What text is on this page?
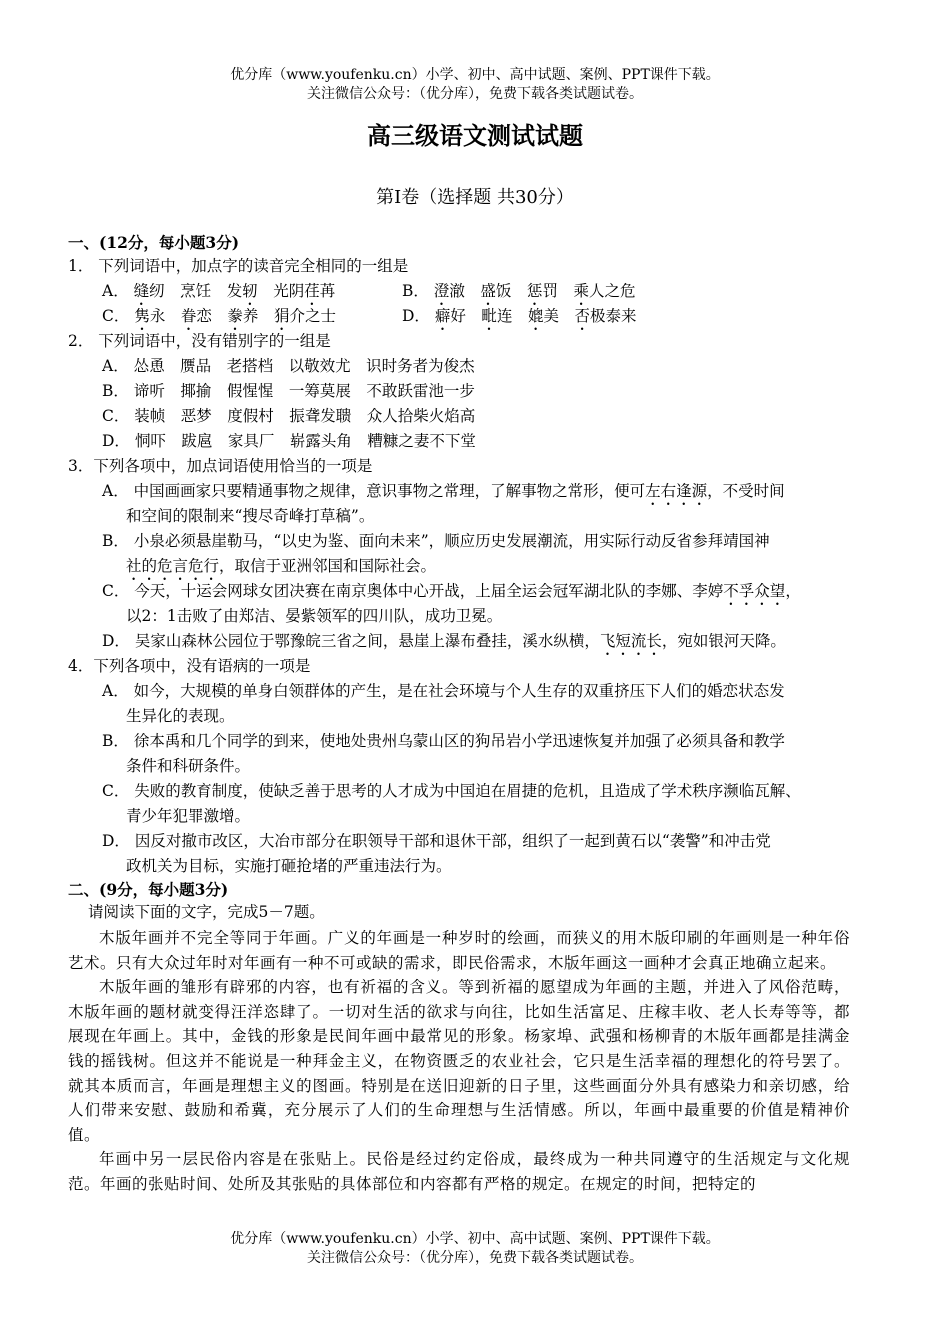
优分库（www.youfenku.cn）小学、初中、高中试题、案例、PPT课件下载。
关注微信公众号：（优分库），免费下载各类试题试卷。
高三级语文测试试题
第Ⅰ卷（选择题 共30分）
一、(12分，每小题3分)
1． 下列词语中，加点字的读音完全相同的一组是
A． 缝纫　 烹饪　 发轫　 光阴荏苒	B． 澄澈　 盛饭　 惩罚　 乘人之危
C． 隽永　 眷恋　 豢养　 狷介之士	D． 癖好　 毗连　 媲美　 否极泰来
2． 下列词语中，没有错别字的一组是
A． 怂恿　赝品　老搭档　以敬效尤　识时务者为俊杰
B． 谛听　揶揄　假惺惺　一筹莫展　不敢跃雷池一步
C． 装帧　恶梦　度假村　振聋发聩　众人拾柴火焰高
D． 恫吓　跋扈　家具厂　崭露头角　糟糠之妻不下堂
3．下列各项中，加点词语使用恰当的一项是
A． 中国画画家只要精通事物之规律，意识事物之常理，了解事物之常形，便可左右逢源，不受时间
和空间的限制来“搜尽奇峰打草稿”。
B． 小泉必须悬崖勒马，“以史为鉴、面向未来”，顺应历史发展潮流，用实际行动反省参拜靖国神
社的危言危行，取信于亚洲邻国和国际社会。
C． 今天，十运会网球女团决赛在南京奥体中心开战，上届全运会冠军湖北队的李娜、李婷不孚众望，
以2：1击败了由郑洁、晏紫领军的四川队，成功卫冕。
D． 吴家山森林公园位于鄂豫皖三省之间，悬崖上瀑布叠挂，溪水纵横，飞短流长，宛如银河天降。
4．下列各项中，没有语病的一项是
A． 如今，大规模的单身白领群体的产生，是在社会环境与个人生存的双重挤压下人们的婚恋状态发
生异化的表现。
B． 徐本禹和几个同学的到来，使地处贵州乌蒙山区的狗吊岩小学迅速恢复并加强了必须具备和教学
条件和科研条件。
C． 失败的教育制度，使缺乏善于思考的人才成为中国迫在眉捷的危机，且造成了学术秩序濒临瓦解、
青少年犯罪激增。
D． 因反对撤市改区，大冶市部分在职领导干部和退休干部，组织了一起到黄石以“袭警”和冲击党
政机关为目标，实施打砸抢堵的严重违法行为。
二、(9分，每小题3分)
请阅读下面的文字，完成5－7题。
木版年画并不完全等同于年画。广义的年画是一种岁时的绘画，而狭义的用木版印刷的年画则是一种年俗艺术。只有大众过年时对年画有一种不可或缺的需求，即民俗需求，木版年画这一画种才会真正地确立起来。
木版年画的雏形有辟邪的内容，也有祈福的含义。等到祈福的愿望成为年画的主题，并进入了风俗范畴，木版年画的题材就变得汪洋恣肆了。一切对生活的欲求与向往，比如生活富足、庄稼丰收、老人长寿等等，都展现在年画上。其中，金钱的形象是民间年画中最常见的形象。杨家埠、武强和杨柳青的木版年画都是挂满金钱的摇钱树。但这并不能说是一种拜金主义，在物资匮乏的农业社会，它只是生活幸福的理想化的符号罢了。就其本质而言，年画是理想主义的图画。特别是在送旧迎新的日子里，这些画面分外具有感染力和亲切感，给人们带来安慰、鼓励和希冀，充分展示了人们的生命理想与生活情感。所以，年画中最重要的价值是精神价值。
年画中另一层民俗内容是在张贴上。民俗是经过约定俗成，最终成为一种共同遵守的生活规定与文化规范。年画的张贴时间、处所及其张贴的具体部位和内容都有严格的规定。在规定的时间，把特定的
优分库（www.youfenku.cn）小学、初中、高中试题、案例、PPT课件下载。
关注微信公众号：（优分库），免费下载各类试题试卷。
